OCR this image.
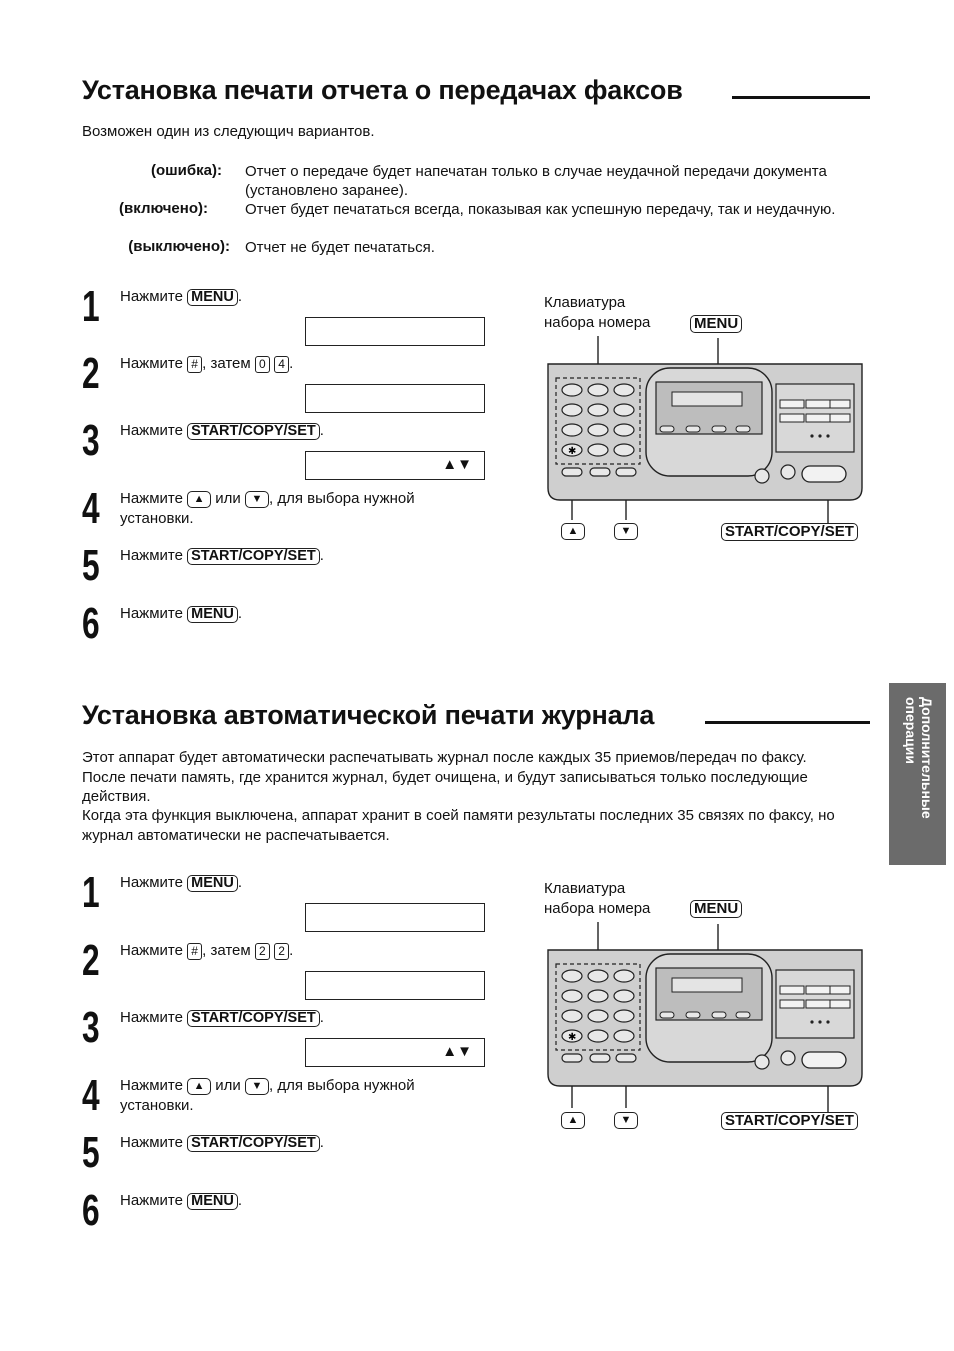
Установка печати отчета о передачах факсов
Возможен один из следующич вариантов.
(ошибка): Отчет о передаче будет напечатан только в случае неудачной передачи документа (установлено заранее).
(включено): Отчет будет печататься всегда, показывая как успешную передачу, так и неудачную.
(выключено): Отчет не будет печататься.
1 Нажмите MENU .
2 Нажмите # , затем 0 4 .
3 Нажмите START/COPY/SET .
▲▼
4 Нажмите ▲ или ▼ , для выбора нужной
установки.
5 Нажмите START/COPY/SET .
6 Нажмите MENU .
Клавиатура
набора номера	MENU
START/COPY/SET
✱
▲	▼
Установка автоматической печати журнала
Этот аппарат будет автоматически распечатывать журнал после каждых 35 приемов/передач по факсу. После печати память, где хранится журнал, будет очищена, и будут записываться только последующие действия.
Когда эта функция выключена, аппарат хранит в соей памяти результаты последних 35 связях по факсу, но журнал автоматически не распечатывается.
1 Нажмите MENU .
2 Нажмите # , затем 2 2 .
3 Нажмите START/COPY/SET .
▲▼
4 Нажмите ▲ или ▼ , для выбора нужной
установки.
5 Нажмите START/COPY/SET .
6 Нажмите MENU .
Клавиатура
набора номера	MENU
START/COPY/SET
✱
▲	▼
Дополнительные
операции
